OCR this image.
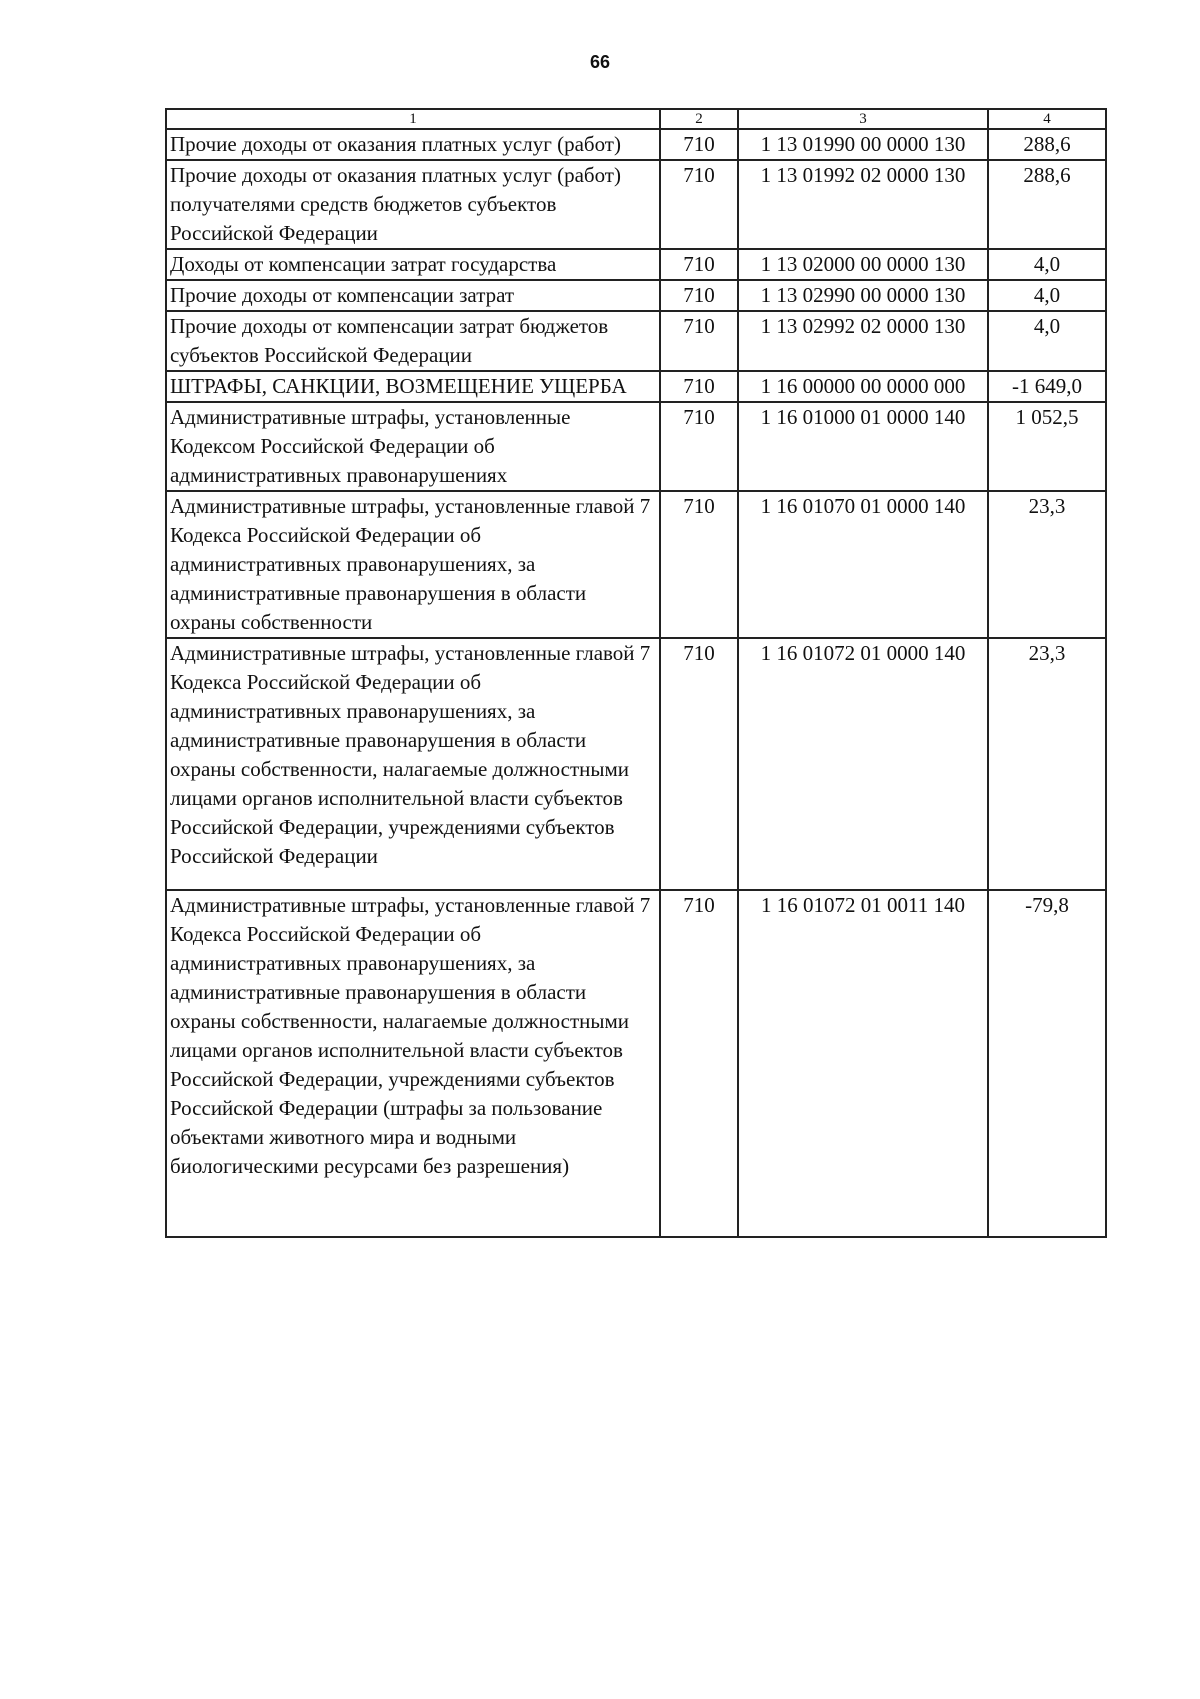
66
1	2	3	4
Прочие доходы от оказания платных услуг (работ)	710	1 13 01990 00 0000 130	288,6
Прочие доходы от оказания платных услуг (работ) получателями средств бюджетов субъектов Российской Федерации	710	1 13 01992 02 0000 130	288,6
Доходы от компенсации затрат государства	710	1 13 02000 00 0000 130	4,0
Прочие доходы от компенсации затрат	710	1 13 02990 00 0000 130	4,0
Прочие доходы от компенсации затрат бюджетов субъектов Российской Федерации	710	1 13 02992 02 0000 130	4,0
ШТРАФЫ, САНКЦИИ, ВОЗМЕЩЕНИЕ УЩЕРБА	710	1 16 00000 00 0000 000	-1 649,0
Административные штрафы, установленные Кодексом Российской Федерации об административных правонарушениях	710	1 16 01000 01 0000 140	1 052,5
Административные штрафы, установленные главой 7 Кодекса Российской Федерации об административных правонарушениях, за административные правонарушения в области охраны собственности	710	1 16 01070 01 0000 140	23,3
Административные штрафы, установленные главой 7 Кодекса Российской Федерации об административных правонарушениях, за административные правонарушения в области охраны собственности, налагаемые должностными лицами органов исполнительной власти субъектов Российской Федерации, учреждениями субъектов Российской Федерации	710	1 16 01072 01 0000 140	23,3
Административные штрафы, установленные главой 7 Кодекса Российской Федерации об административных правонарушениях, за административные правонарушения в области охраны собственности, налагаемые должностными лицами органов исполнительной власти субъектов Российской Федерации, учреждениями субъектов Российской Федерации (штрафы за пользование объектами животного мира и водными биологическими ресурсами без разрешения)	710	1 16 01072 01 0011 140	-79,8
